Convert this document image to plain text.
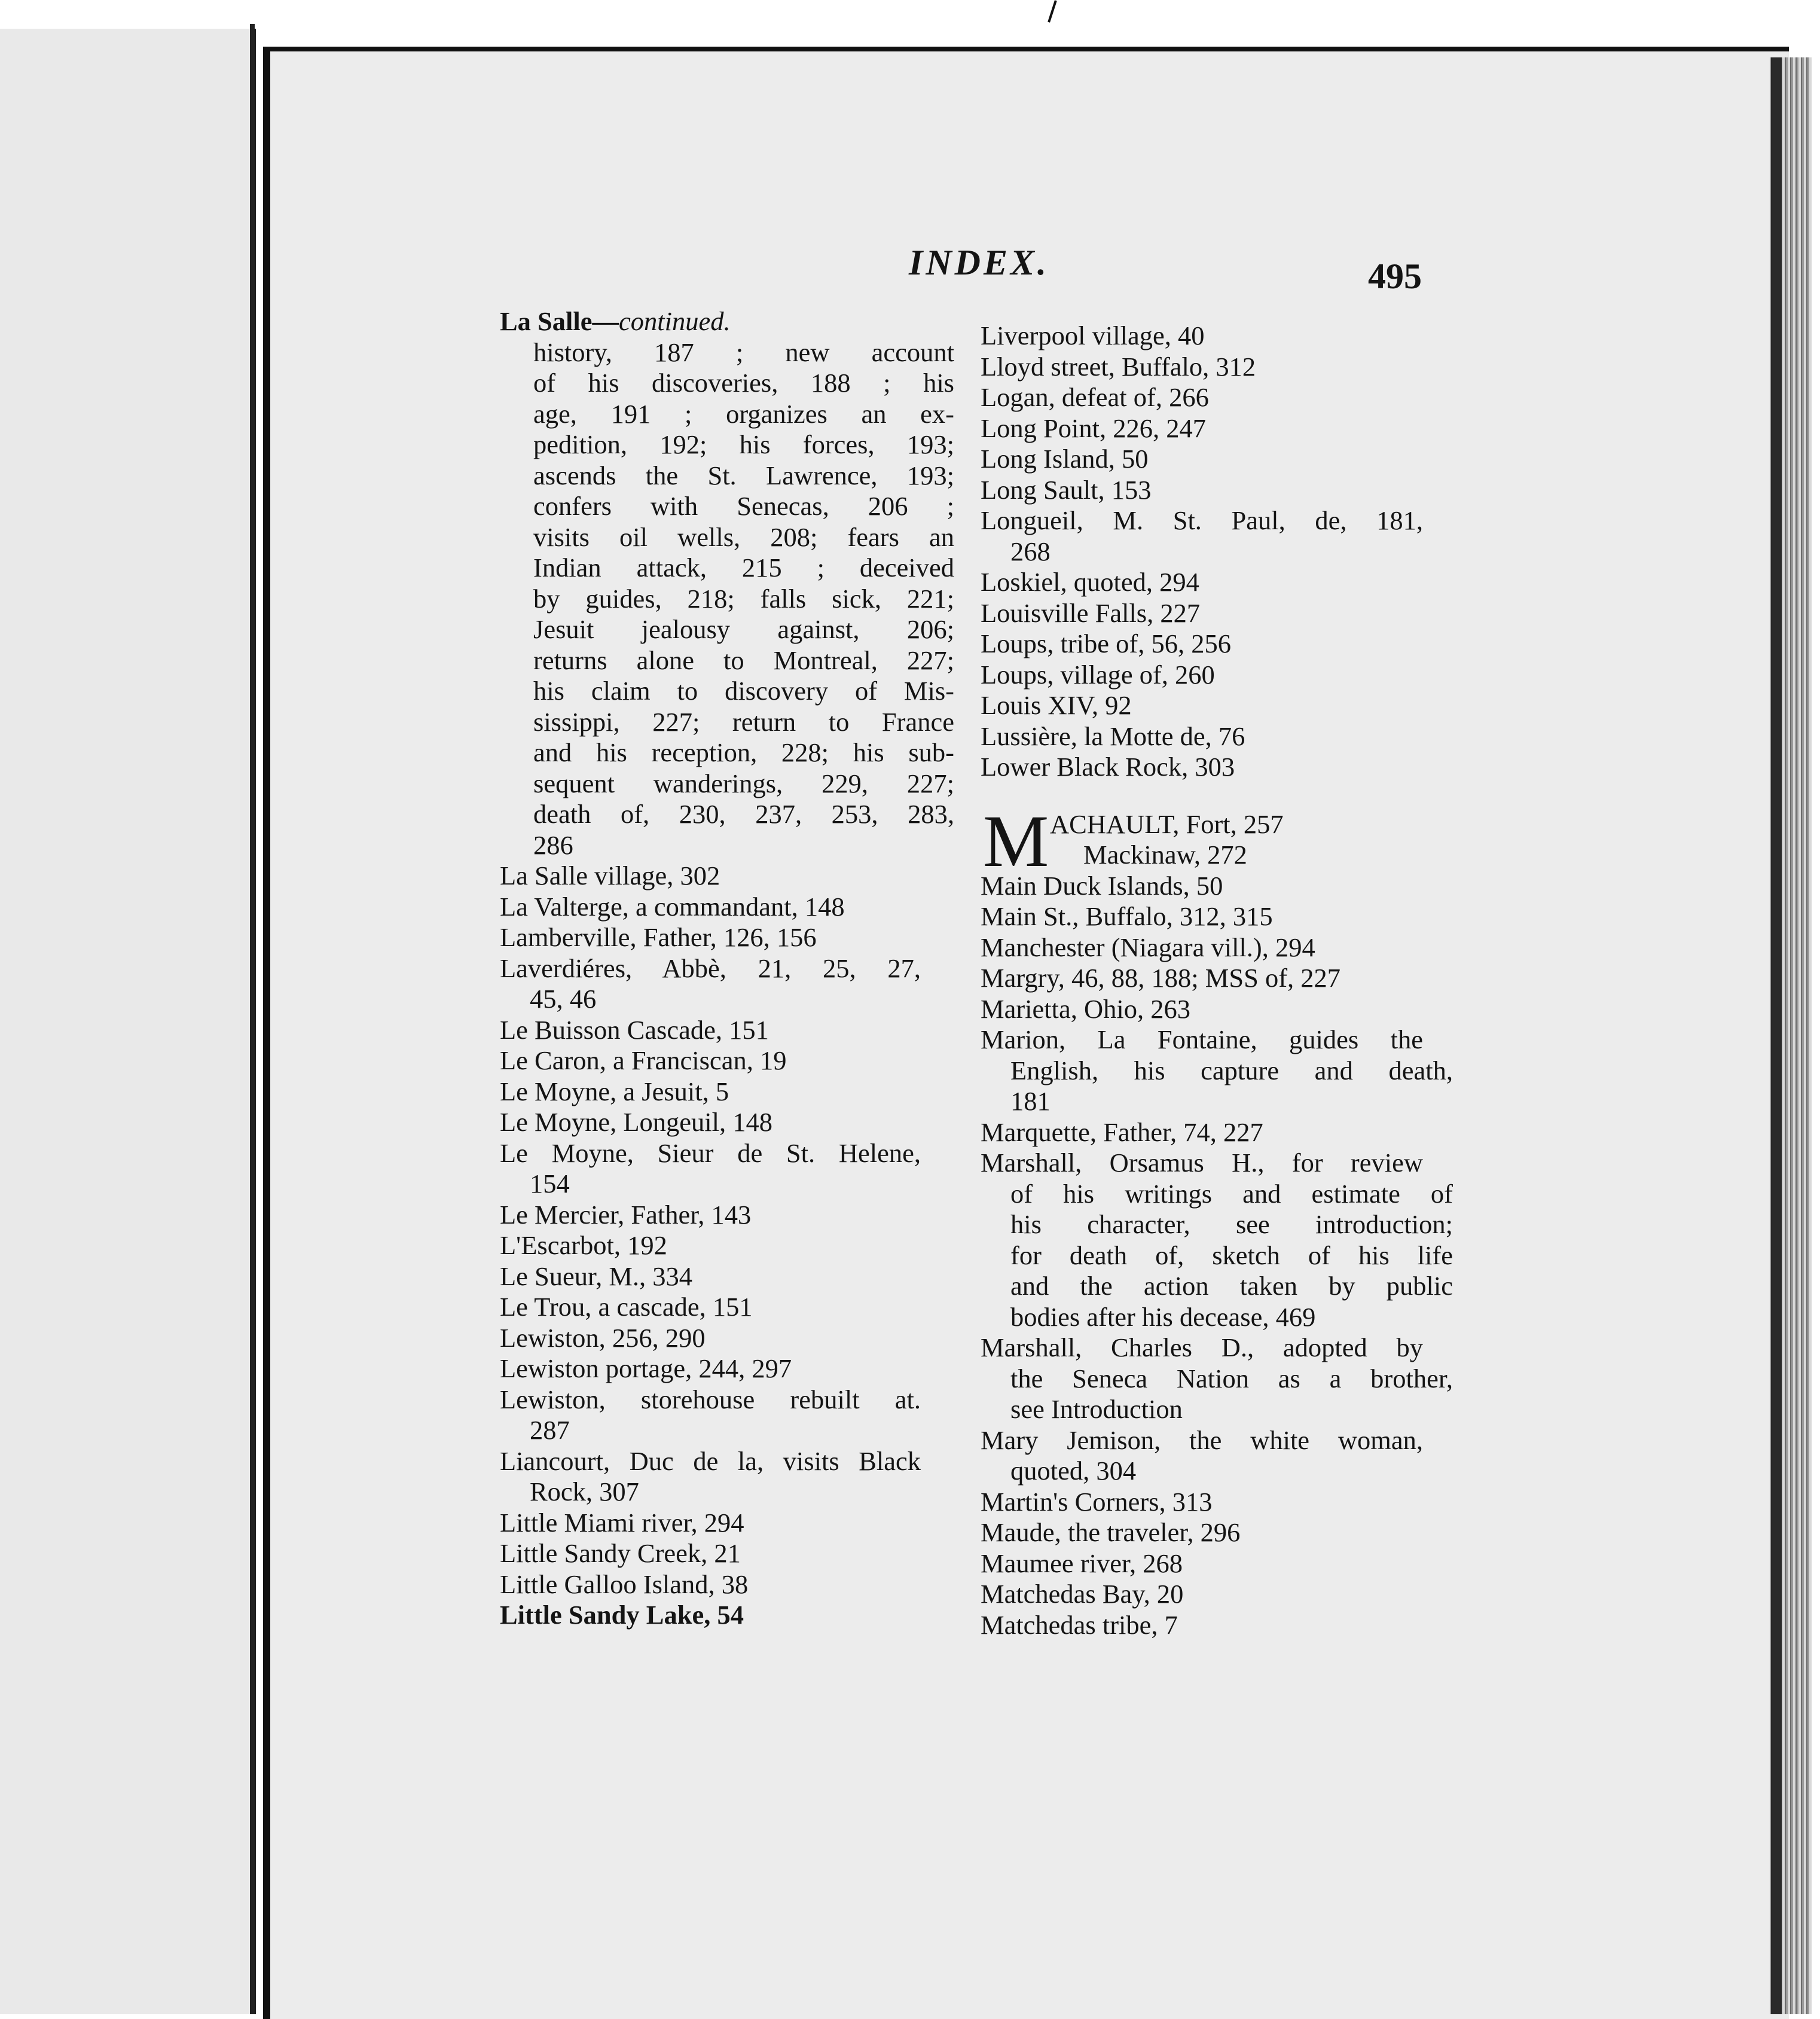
INDEX.	495
La Salle—continued.
history, 187 ; new account
of his discoveries, 188 ; his
age, 191 ; organizes an ex-
pedition, 192; his forces, 193;
ascends the St. Lawrence, 193;
confers with Senecas, 206 ;
visits oil wells, 208; fears an
Indian attack, 215 ; deceived
by guides, 218; falls sick, 221;
Jesuit jealousy against, 206;
returns alone to Montreal, 227;
his claim to discovery of Mis-
sissippi, 227; return to France
and his reception, 228; his sub-
sequent wanderings, 229, 227;
death of, 230, 237, 253, 283,
286
La Salle village, 302
La Valterge, a commandant, 148
Lamberville, Father, 126, 156
Laverdiéres, Abbè, 21, 25, 27,
45, 46
Le Buisson Cascade, 151
Le Caron, a Franciscan, 19
Le Moyne, a Jesuit, 5
Le Moyne, Longeuil, 148
Le Moyne, Sieur de St. Helene,
154
Le Mercier, Father, 143
L'Escarbot, 192
Le Sueur, M., 334
Le Trou, a cascade, 151
Lewiston, 256, 290
Lewiston portage, 244, 297
Lewiston, storehouse rebuilt at.
287
Liancourt, Duc de la, visits Black
Rock, 307
Little Miami river, 294
Little Sandy Creek, 21
Little Galloo Island, 38
Little Sandy Lake, 54
Liverpool village, 40
Lloyd street, Buffalo, 312
Logan, defeat of, 266
Long Point, 226, 247
Long Island, 50
Long Sault, 153
Longueil, M. St. Paul, de, 181,
268
Loskiel, quoted, 294
Louisville Falls, 227
Loups, tribe of, 56, 256
Loups, village of, 260
Louis XIV, 92
Lussière, la Motte de, 76
Lower Black Rock, 303
M ACHAULT, Fort, 257
Mackinaw, 272
Main Duck Islands, 50
Main St., Buffalo, 312, 315
Manchester (Niagara vill.), 294
Margry, 46, 88, 188; MSS of, 227
Marietta, Ohio, 263
Marion, La Fontaine, guides the
English, his capture and death,
181
Marquette, Father, 74, 227
Marshall, Orsamus H., for review
of his writings and estimate of
his character, see introduction;
for death of, sketch of his life
and the action taken by public
bodies after his decease, 469
Marshall, Charles D., adopted by
the Seneca Nation as a brother,
see Introduction
Mary Jemison, the white woman,
quoted, 304
Martin's Corners, 313
Maude, the traveler, 296
Maumee river, 268
Matchedas Bay, 20
Matchedas tribe, 7
